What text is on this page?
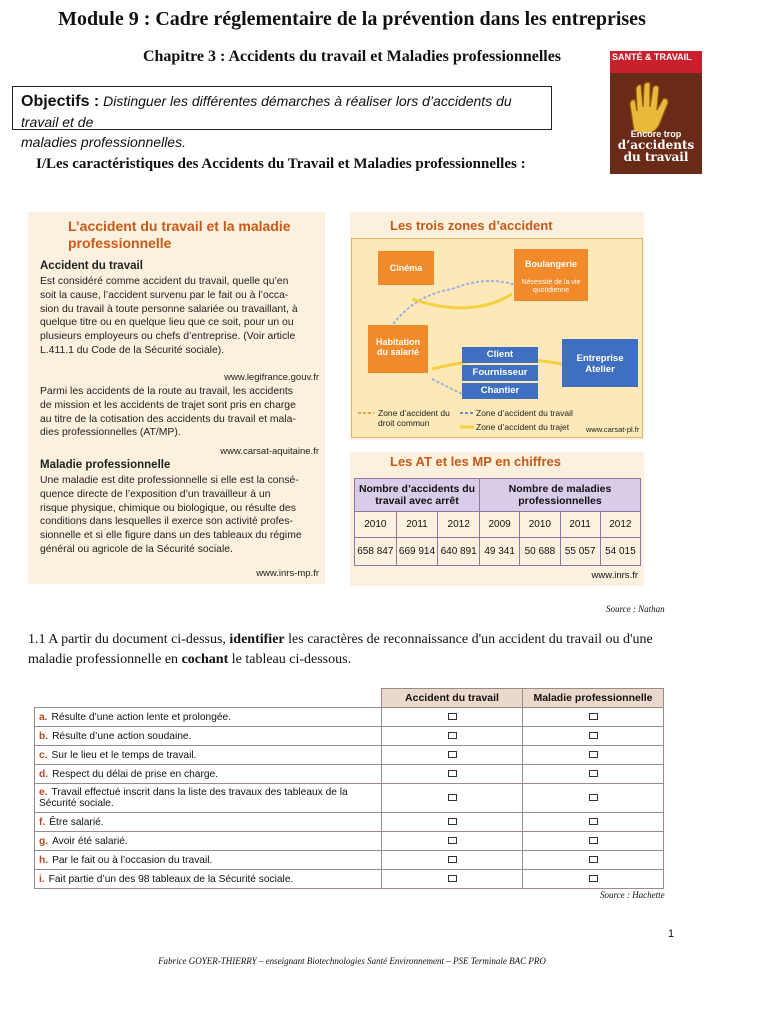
Module 9 : Cadre réglementaire de la prévention dans les entreprises
Chapitre 3 : Accidents du travail et Maladies professionnelles
Objectifs : Distinguer les différentes démarches à réaliser lors d’accidents du travail et de
maladies professionnelles.
SANTÉ & TRAVAIL
Encore trop
d’accidents
du travail
I/Les caractéristiques des Accidents du Travail et Maladies professionnelles :
L’accident du travail et la maladie
professionnelle
Accident du travail
Est considéré comme accident du travail, quelle qu’en
soit la cause, l’accident survenu par le fait ou à l’occa-
sion du travail à toute personne salariée ou travaillant, à
quelque titre ou en quelque lieu que ce soit, pour un ou
plusieurs employeurs ou chefs d’entreprise. (Voir article
L.411.1 du Code de la Sécurité sociale).
www.legifrance.gouv.fr
Parmi les accidents de la route au travail, les accidents
de mission et les accidents de trajet sont pris en charge
au titre de la cotisation des accidents du travail et mala-
dies professionnelles (AT/MP).
www.carsat-aquitaine.fr
Maladie professionnelle
Une maladie est dite professionnelle si elle est la consé-
quence directe de l’exposition d’un travailleur à un
risque physique, chimique ou biologique, ou résulte des
conditions dans lesquelles il exerce son activité profes-
sionnelle et si elle figure dans un des tableaux du régime
général ou agricole de la Sécurité sociale.
www.inrs-mp.fr
Les trois zones d’accident
Cinéma	Boulangerie
Nécessité de la vie quotidienne
Habitation du salarié	Client
Fournisseur
Chantier
Entreprise Atelier
Zone d’accident du droit commun
Zone d’accident du travail
Zone d’accident du trajet www.carsat-pl.fr
Les AT et les MP en chiffres
Nombre d’accidents du travail avec arrêt			Nombre de maladies professionnelles			
2010	2011	2012	2009	2010	2011	2012
658 847	669 914	640 891	49 341	50 688	55 057	54 015
www.inrs.fr
Source : Nathan
1.1 A partir du document ci-dessus, identifier les caractères de reconnaissance d'un accident du travail ou d'une maladie professionnelle en cochant le tableau ci-dessous.
	Accident du travail	Maladie professionnelle
a. Résulte d’une action lente et prolongée.		
b. Résulte d’une action soudaine.		
c. Sur le lieu et le temps de travail.		
d. Respect du délai de prise en charge.		
e. Travail effectué inscrit dans la liste des travaux des tableaux de la Sécurité sociale.		
f. Être salarié.		
g. Avoir été salarié.		
h. Par le fait ou à l’occasion du travail.		
i. Fait partie d’un des 98 tableaux de la Sécurité sociale.		
Source : Hachette
1
Fabrice GOYER-THIERRY – enseignant Biotechnologies Santé Environnement – PSE Terminale BAC PRO
